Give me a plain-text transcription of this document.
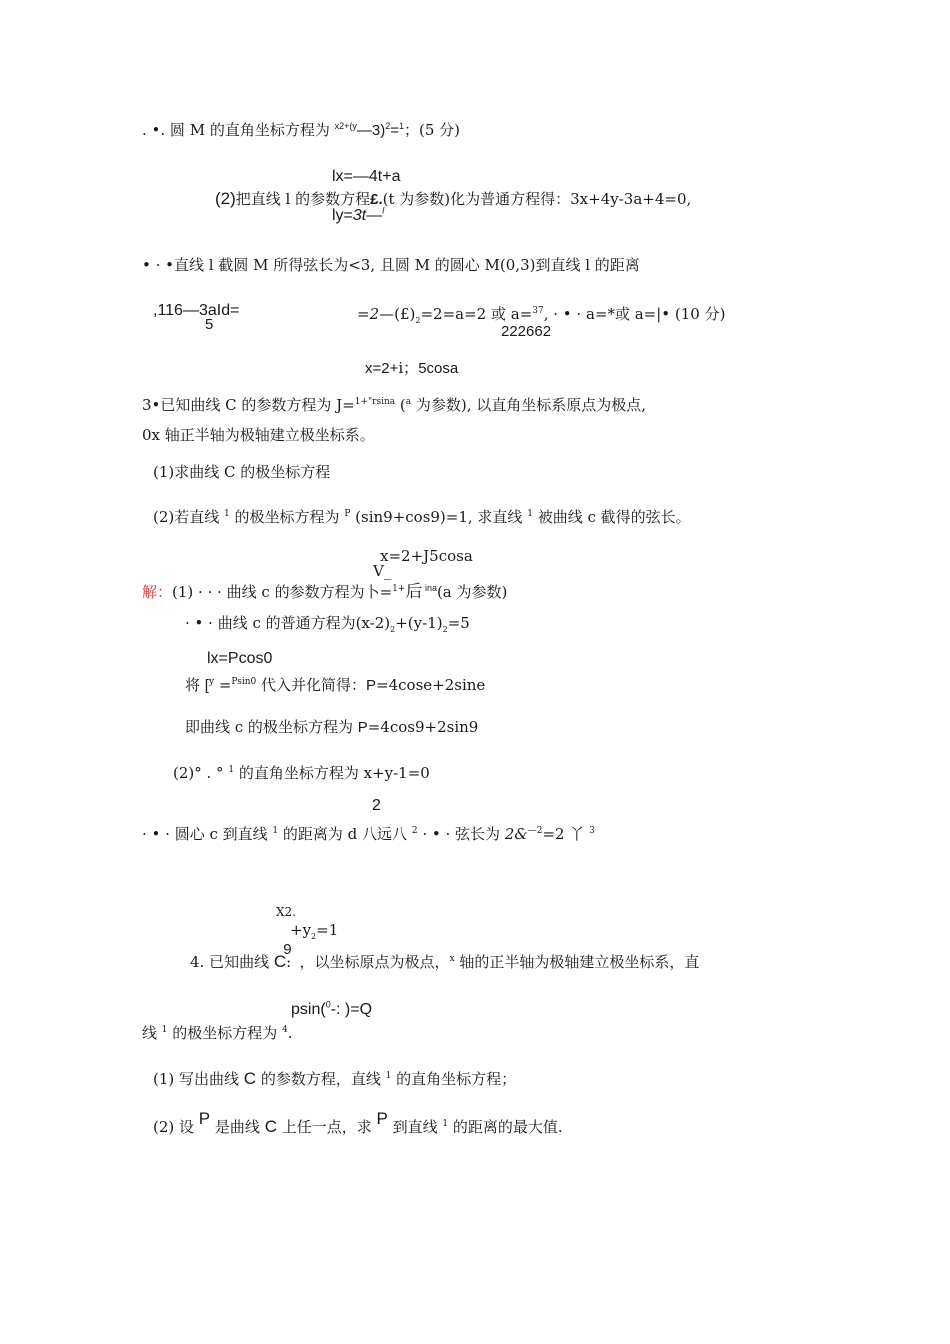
. •. 圆 M 的直角坐标方程为 $^{x2+(y}$—3)$^2$=$^1$；(5 分)
lx=—4t+a
(2)把直线 l 的参数方程£.(t 为参数)化为普通方程得：3x+4y-3a+4=0,
ly=3t—$^l$
• · •直线 l 截圆 M 所得弦长为<3, 且圆 M 的圆心 M(0,3)到直线 l 的距离
,116—3aId=
5
$=2—(£)_2=2=a=2$ 或 a=$^{37}$, · • · a=*或 a=|• (10 分)
222662
x=2+i；5cosa
3•已知曲线 C 的参数方程为 J=$^{1+"rsina}$ ($^a$ 为参数), 以直角坐标系原点为极点,
0x 轴正半轴为极轴建立极坐标系。
(1)求曲线 C 的极坐标方程
(2)若直线 $^1$ 的极坐标方程为 $^P$ (sin9+cos9)=1, 求直线 $^1$ 被曲线 c 截得的弦长。
x=2+J5cosa
V_
解：(1) · · · 曲线 c 的参数方程为卜=$^{1+}$后 $^{ina}$(a 为参数)
· • · 曲线 c 的普通方程为$(x-2)_2+(y-1)_2=5$
lx=Pcos0
将 [$^y$ =$^{Psin0}$ 代入并化简得：P=4cose+2sine
即曲线 c 的极坐标方程为 P=4cos9+2sin9
(2)° . ° $^1$ 的直角坐标方程为 x+y-1=0
2
· • · 圆心 c 到直线 $^1$ 的距离为 d 八远八 $^2$ · • · 弦长为 2&$^{—2}$=2 丫 $^3$
X2.
$+y_2=1$
4. 已知曲线 C:9，以坐标原点为极点，$^x$ 轴的正半轴为极轴建立极坐标系，直
psin($^0$-: )=Q
线 $^1$ 的极坐标方程为 $^4$.
(1) 写出曲线 C 的参数方程，直线 $^1$ 的直角坐标方程；
(2) 设 P 是曲线 C 上任一点，求 P 到直线 $^1$ 的距离的最大值.
